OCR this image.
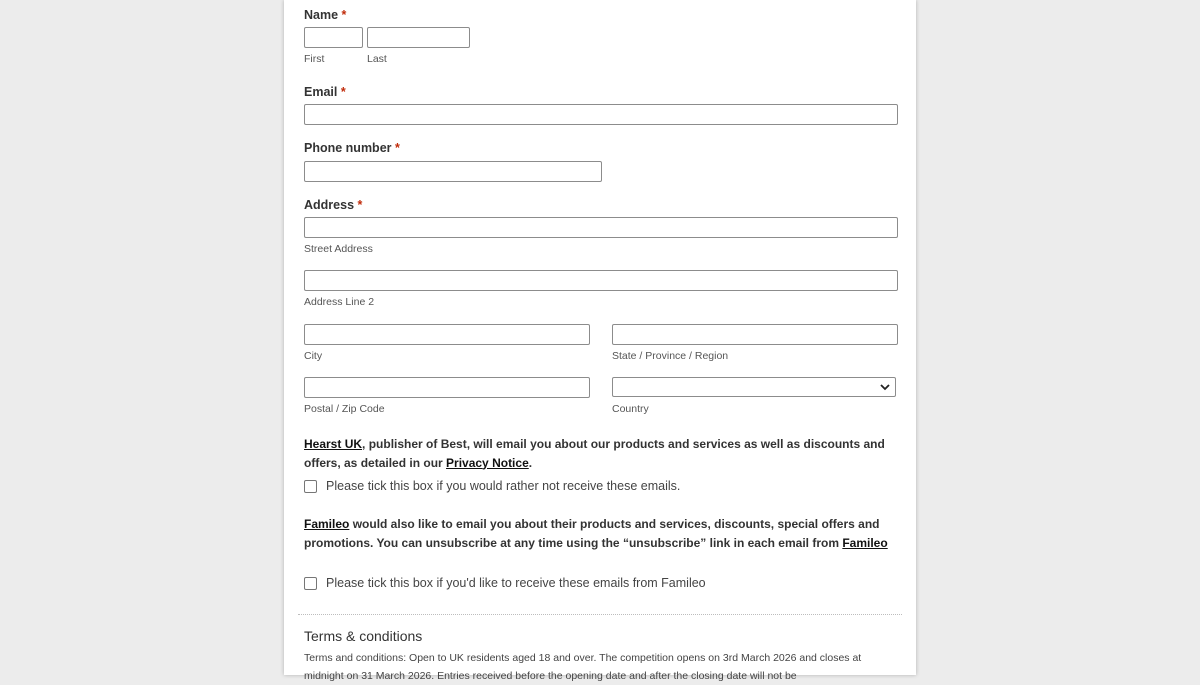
Name *
First	Last
Email *
Phone number *
Address *
Street Address
Address Line 2
City	State / Province / Region
Postal / Zip Code	Country
Hearst UK, publisher of Best, will email you about our products and services as well as discounts and offers, as detailed in our Privacy Notice.
Please tick this box if you would rather not receive these emails.
Famileo would also like to email you about their products and services, discounts, special offers and promotions. You can unsubscribe at any time using the “unsubscribe” link in each email from Famileo
Please tick this box if you'd like to receive these emails from Famileo
Terms & conditions
Terms and conditions: Open to UK residents aged 18 and over. The competition opens on 3rd March 2026 and closes at midnight on 31 March 2026. Entries received before the opening date and after the closing date will not be
